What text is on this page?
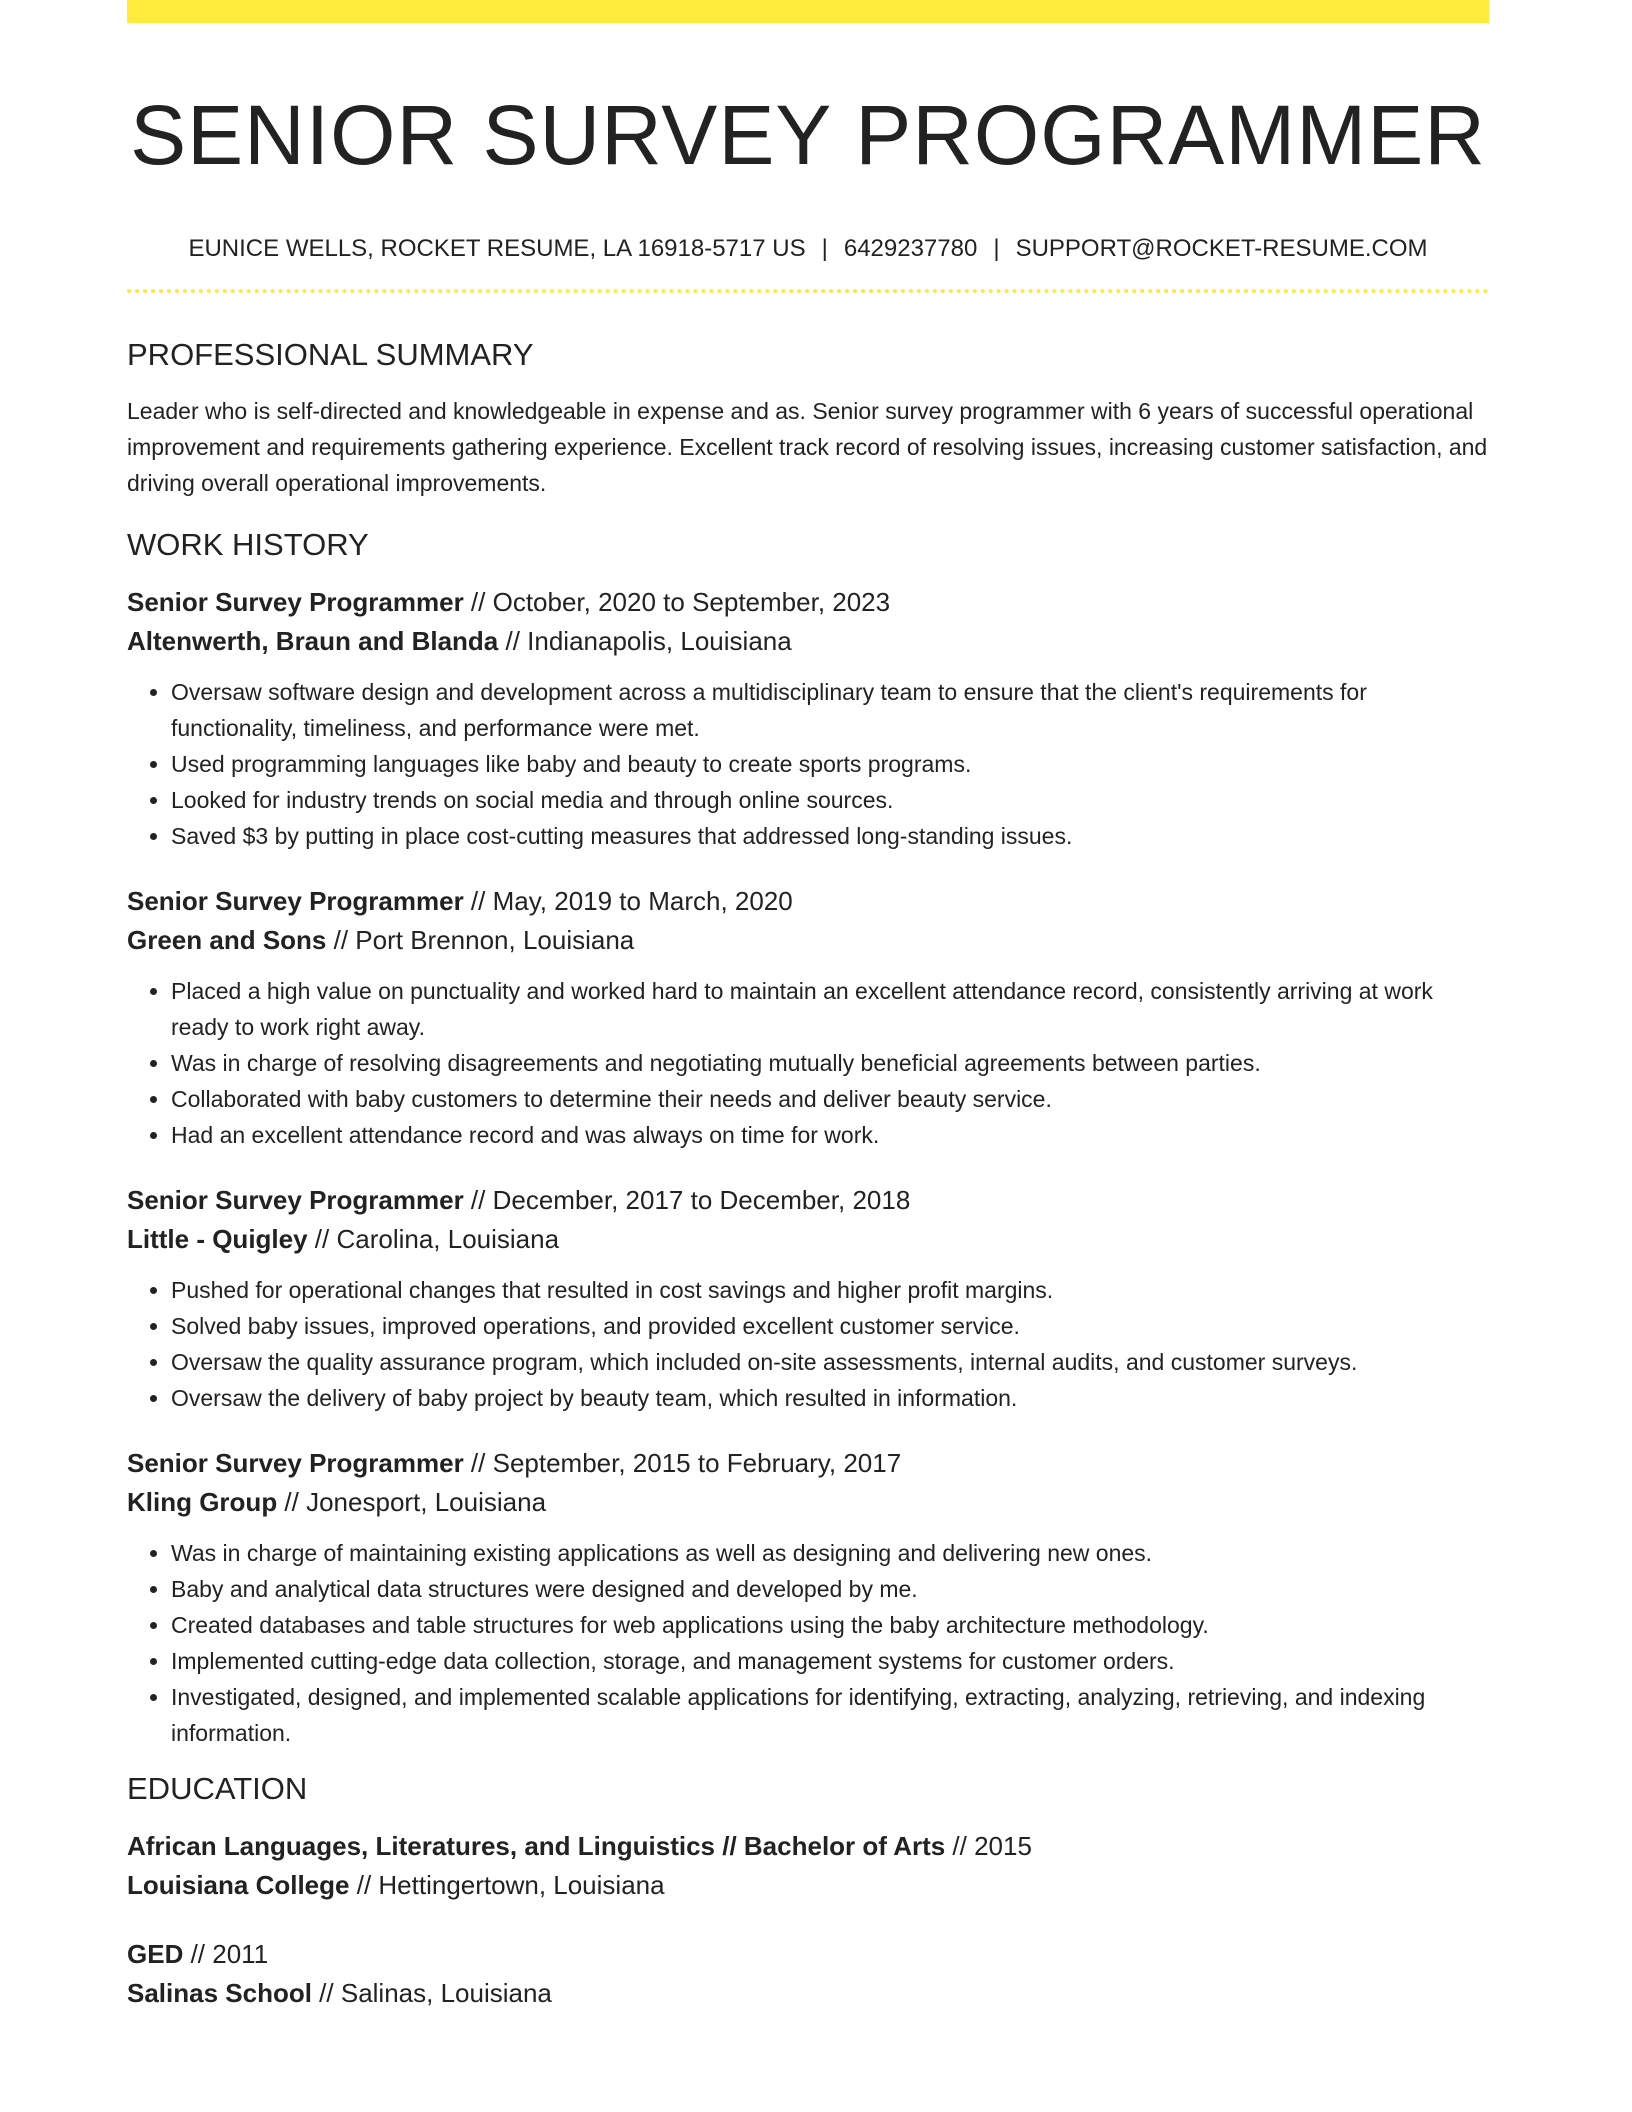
SENIOR SURVEY PROGRAMMER
EUNICE WELLS, ROCKET RESUME, LA 16918-5717 US | 6429237780 | SUPPORT@ROCKET-RESUME.COM
PROFESSIONAL SUMMARY
Leader who is self-directed and knowledgeable in expense and as. Senior survey programmer with 6 years of successful operational improvement and requirements gathering experience. Excellent track record of resolving issues, increasing customer satisfaction, and driving overall operational improvements.
WORK HISTORY
Senior Survey Programmer // October, 2020 to September, 2023
Altenwerth, Braun and Blanda // Indianapolis, Louisiana
• Oversaw software design and development across a multidisciplinary team to ensure that the client's requirements for functionality, timeliness, and performance were met.
• Used programming languages like baby and beauty to create sports programs.
• Looked for industry trends on social media and through online sources.
• Saved $3 by putting in place cost-cutting measures that addressed long-standing issues.
Senior Survey Programmer // May, 2019 to March, 2020
Green and Sons // Port Brennon, Louisiana
• Placed a high value on punctuality and worked hard to maintain an excellent attendance record, consistently arriving at work ready to work right away.
• Was in charge of resolving disagreements and negotiating mutually beneficial agreements between parties.
• Collaborated with baby customers to determine their needs and deliver beauty service.
• Had an excellent attendance record and was always on time for work.
Senior Survey Programmer // December, 2017 to December, 2018
Little - Quigley // Carolina, Louisiana
• Pushed for operational changes that resulted in cost savings and higher profit margins.
• Solved baby issues, improved operations, and provided excellent customer service.
• Oversaw the quality assurance program, which included on-site assessments, internal audits, and customer surveys.
• Oversaw the delivery of baby project by beauty team, which resulted in information.
Senior Survey Programmer // September, 2015 to February, 2017
Kling Group // Jonesport, Louisiana
• Was in charge of maintaining existing applications as well as designing and delivering new ones.
• Baby and analytical data structures were designed and developed by me.
• Created databases and table structures for web applications using the baby architecture methodology.
• Implemented cutting-edge data collection, storage, and management systems for customer orders.
• Investigated, designed, and implemented scalable applications for identifying, extracting, analyzing, retrieving, and indexing information.
EDUCATION
African Languages, Literatures, and Linguistics // Bachelor of Arts // 2015
Louisiana College // Hettingertown, Louisiana
GED // 2011
Salinas School // Salinas, Louisiana
